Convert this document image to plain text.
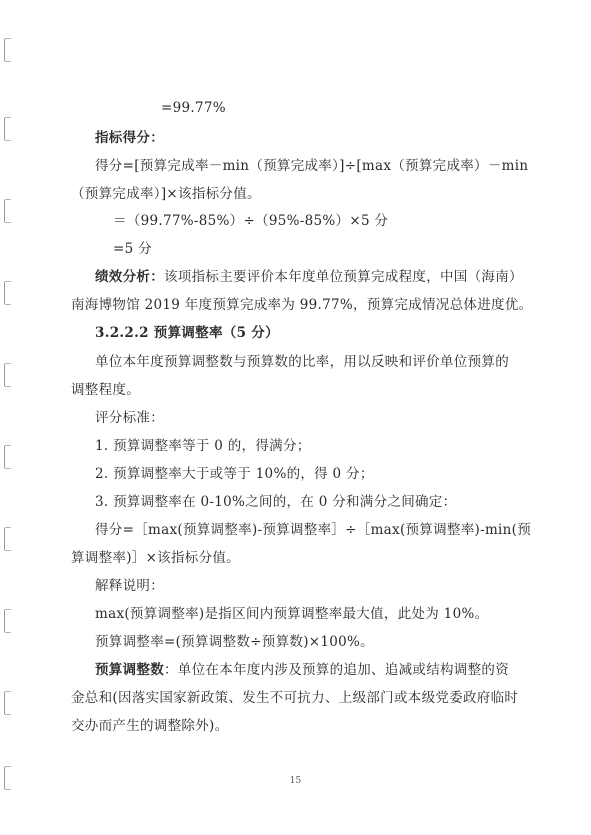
=99.77%
指标得分：
得分=[预算完成率－min（预算完成率）]÷[max（预算完成率）－min
（预算完成率）]×该指标分值。
＝（99.77%-85%）÷（95%-85%）×5 分
=5 分
绩效分析：该项指标主要评价本年度单位预算完成程度，中国（海南）
南海博物馆 2019 年度预算完成率为 99.77%，预算完成情况总体进度优。
3.2.2.2 预算调整率（5 分）
单位本年度预算调整数与预算数的比率，用以反映和评价单位预算的
调整程度。
评分标准：
1. 预算调整率等于 0 的，得满分；
2. 预算调整率大于或等于 10%的，得 0 分；
3. 预算调整率在 0-10%之间的，在 0 分和满分之间确定：
得分=［max(预算调整率)-预算调整率］÷［max(预算调整率)-min(预
算调整率)］×该指标分值。
解释说明：
max(预算调整率)是指区间内预算调整率最大值，此处为 10%。
预算调整率=(预算调整数÷预算数)×100%。
预算调整数：单位在本年度内涉及预算的追加、追减或结构调整的资
金总和(因落实国家新政策、发生不可抗力、上级部门或本级党委政府临时
交办而产生的调整除外)。
15
